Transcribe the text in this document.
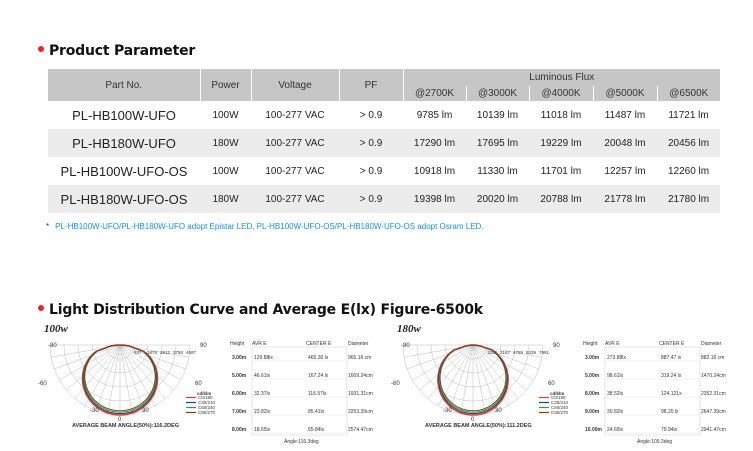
Product Parameter
Part No.	Power	Voltage	PF	Luminous Flux				
				@2700K	@3000K	@4000K	@5000K	@6500K
PL-HB100W-UFO	100W	100-277 VAC	> 0.9	9785 lm	10139 lm	11018 lm	11487 lm	11721 lm
PL-HB180W-UFO	180W	100-277 VAC	> 0.9	17290 lm	17695 lm	19229 lm	20048 lm	20456 lm
PL-HB100W-UFO-OS	100W	100-277 VAC	> 0.9	10918 lm	11330 lm	11701 lm	12257 lm	12260 lm
PL-HB180W-UFO-OS	180W	100-277 VAC	> 0.9	19398 lm	20020 lm	20788 lm	21778 lm	21780 lm
* PL-HB100W-UFO/PL-HB180W-UFO adopt Epistar LED, PL-HB100W-UFO-OS/PL-HB180W-UFO-OS adopt Osram LED.
Light Distribution Curve and Average E(lx) Figure-6500k
100w	180w
-90	90
-60	60
-30	30
0
937 1875 2812 3750 4687
cd/klm
C0/180
C30/210
C60/240
C90/270
AVERAGE BEAM ANGLE(50%):116.2DEG
Height AVR E	CENTER E	Diameter
3.00m 129.88lx	465.30 lx	965.16 cm
5.00m 46.61lx	167.24 lx	1609.24cm
6.00m 32.37lx	116.57lx	1931.31cm
7.00m 23.82lx	85.41lx	2253.39cm
8.00m 18.65lx	65.84lx	2574.47cm
Angle:116.3deg
-90	90
-60	60
-30	30
0
1532 3167 4755 6339 7991
cd/klm
C0/180
C30/210
C60/240
C90/270
AVERAGE BEAM ANGLE(50%):111.2DEG
Height AVR E	CENTER E	Diameter
3.00m 273.88lx	887.47 lx	882.16 cm
5.00m 98.61lx	319.24 lx	1470.24cm
8.00m 38.52lx	124.121x	2352.31cm
9.00m 30.82lx	98.20 lx	2647.39cm
10.00m 24.65lx	79.94lx	2941.47cm
Angle:109.3deg
